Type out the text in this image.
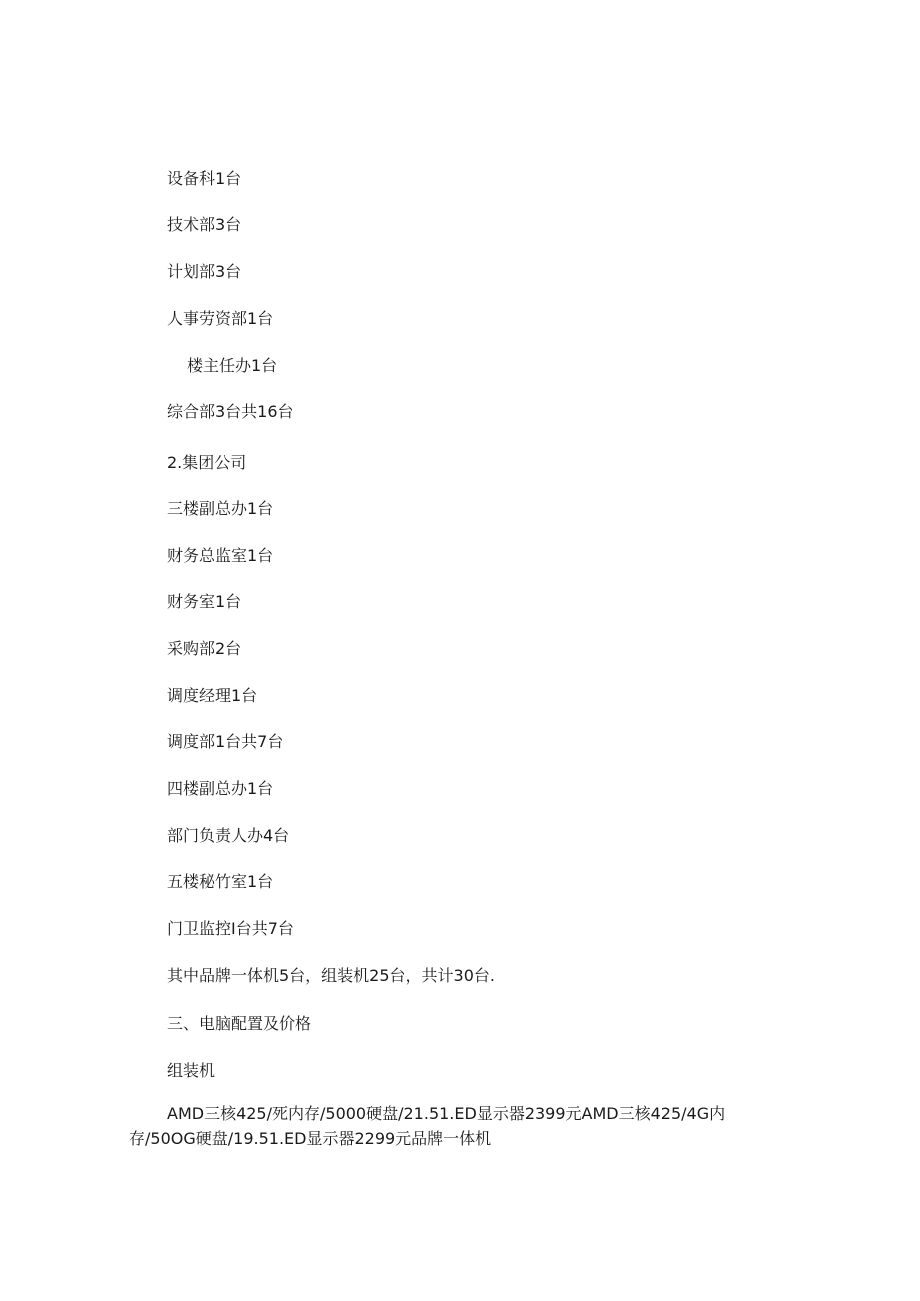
设备科1台
技术部3台
计划部3台
人事劳资部1台
楼主任办1台
综合部3台共16台
2.集团公司
三楼副总办1台
财务总监室1台
财务室1台
采购部2台
调度经理1台
调度部1台共7台
四楼副总办1台
部门负责人办4台
五楼秘竹室1台
门卫监控I台共7台
其中品牌一体机5台，组装机25台，共计30台.
三、电脑配置及价格
组装机
AMD三核425/死内存/5000硬盘/21.51.ED显示器2399元AMD三核425/4G内存/50OG硬盘/19.51.ED显示器2299元品牌一体机
